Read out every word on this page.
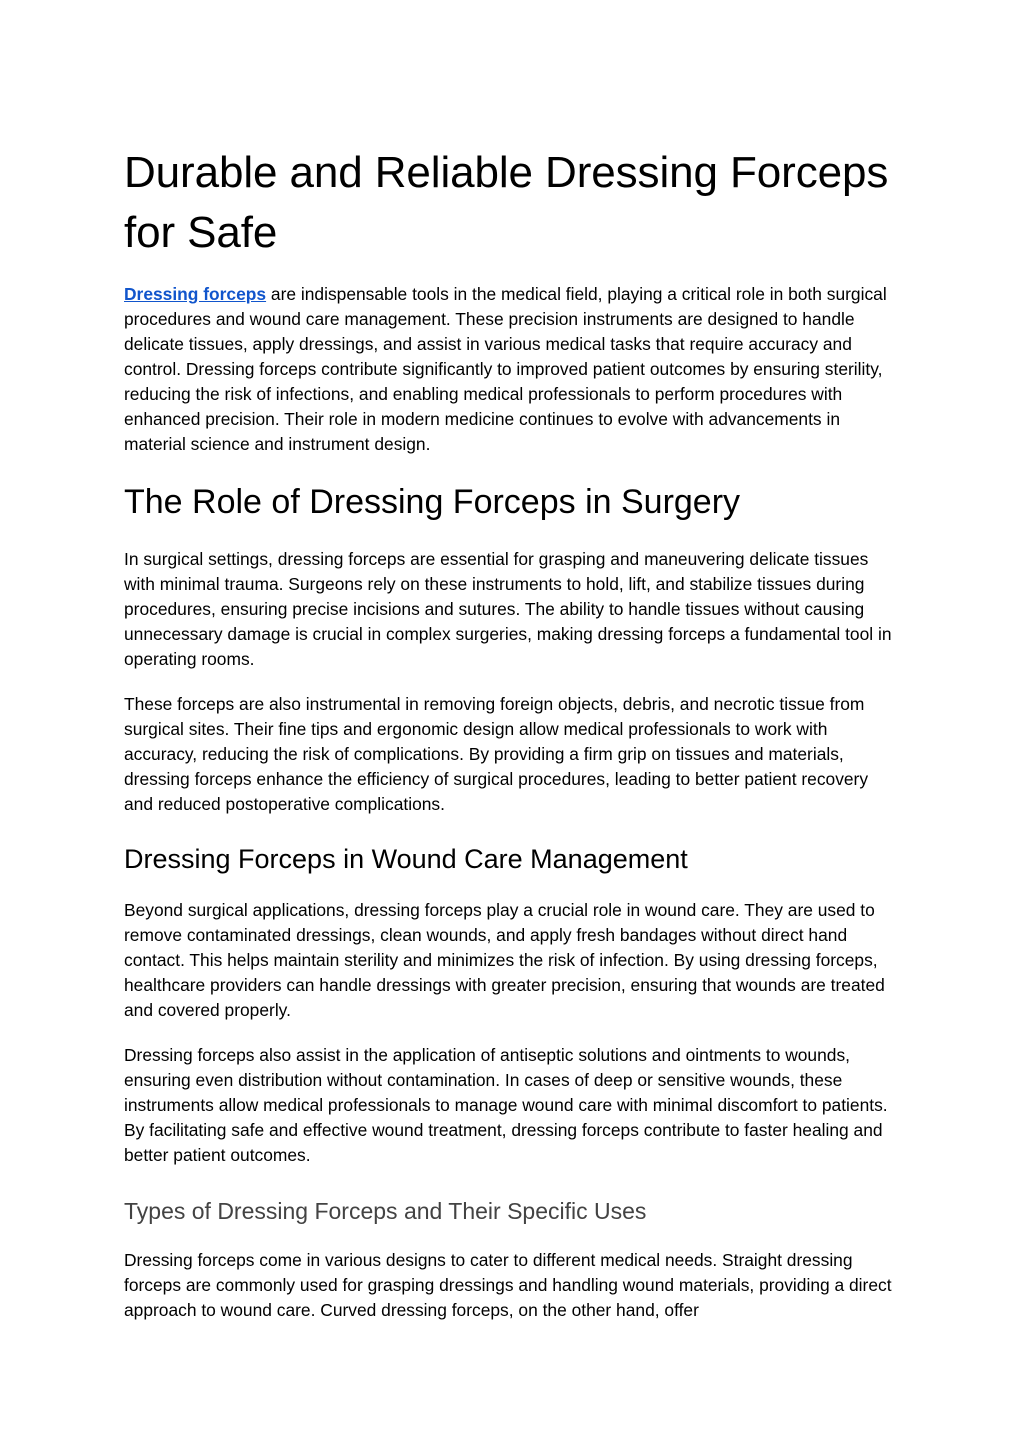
Durable and Reliable Dressing Forceps for Safe

Dressing forceps are indispensable tools in the medical field, playing a critical role in both surgical procedures and wound care management. These precision instruments are designed to handle delicate tissues, apply dressings, and assist in various medical tasks that require accuracy and control. Dressing forceps contribute significantly to improved patient outcomes by ensuring sterility, reducing the risk of infections, and enabling medical professionals to perform procedures with enhanced precision. Their role in modern medicine continues to evolve with advancements in material science and instrument design.

The Role of Dressing Forceps in Surgery

In surgical settings, dressing forceps are essential for grasping and maneuvering delicate tissues with minimal trauma. Surgeons rely on these instruments to hold, lift, and stabilize tissues during procedures, ensuring precise incisions and sutures. The ability to handle tissues without causing unnecessary damage is crucial in complex surgeries, making dressing forceps a fundamental tool in operating rooms.

These forceps are also instrumental in removing foreign objects, debris, and necrotic tissue from surgical sites. Their fine tips and ergonomic design allow medical professionals to work with accuracy, reducing the risk of complications. By providing a firm grip on tissues and materials, dressing forceps enhance the efficiency of surgical procedures, leading to better patient recovery and reduced postoperative complications.

Dressing Forceps in Wound Care Management

Beyond surgical applications, dressing forceps play a crucial role in wound care. They are used to remove contaminated dressings, clean wounds, and apply fresh bandages without direct hand contact. This helps maintain sterility and minimizes the risk of infection. By using dressing forceps, healthcare providers can handle dressings with greater precision, ensuring that wounds are treated and covered properly.

Dressing forceps also assist in the application of antiseptic solutions and ointments to wounds, ensuring even distribution without contamination. In cases of deep or sensitive wounds, these instruments allow medical professionals to manage wound care with minimal discomfort to patients. By facilitating safe and effective wound treatment, dressing forceps contribute to faster healing and better patient outcomes.

Types of Dressing Forceps and Their Specific Uses

Dressing forceps come in various designs to cater to different medical needs. Straight dressing forceps are commonly used for grasping dressings and handling wound materials, providing a direct approach to wound care. Curved dressing forceps, on the other hand, offer
